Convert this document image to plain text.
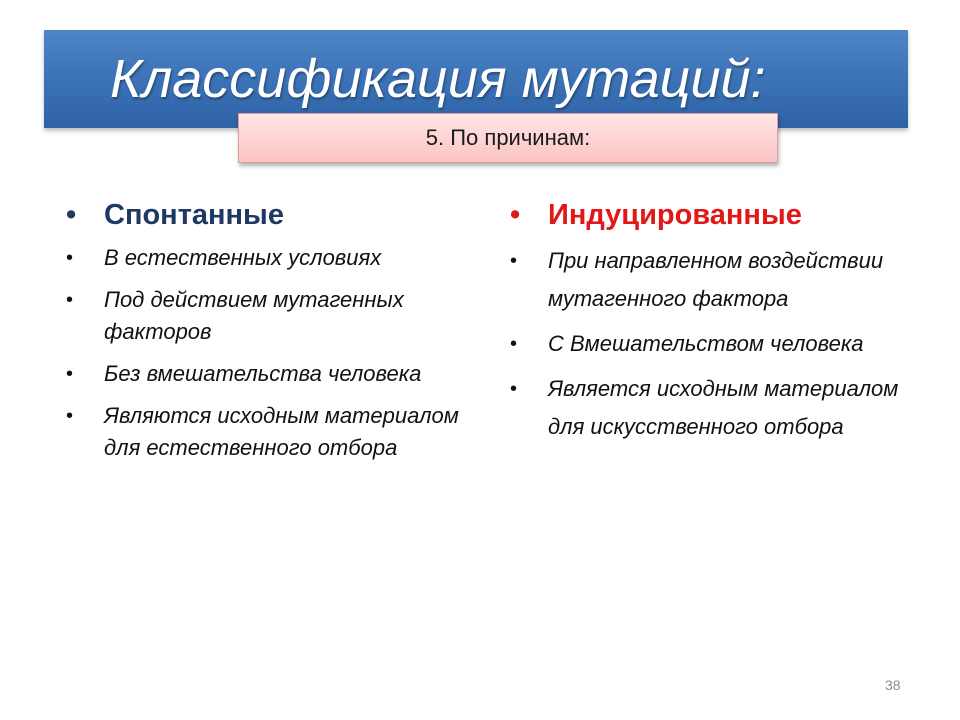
Классификация мутаций:
5. По причинам:
• Спонтанные
• В естественных условиях
• Под действием мутагенных факторов
• Без вмешательства человека
• Являются исходным материалом для естественного отбора
• Индуцированные
• При направленном воздействии мутагенного фактора
• С Вмешательством человека
• Является исходным материалом для искусственного отбора
38
